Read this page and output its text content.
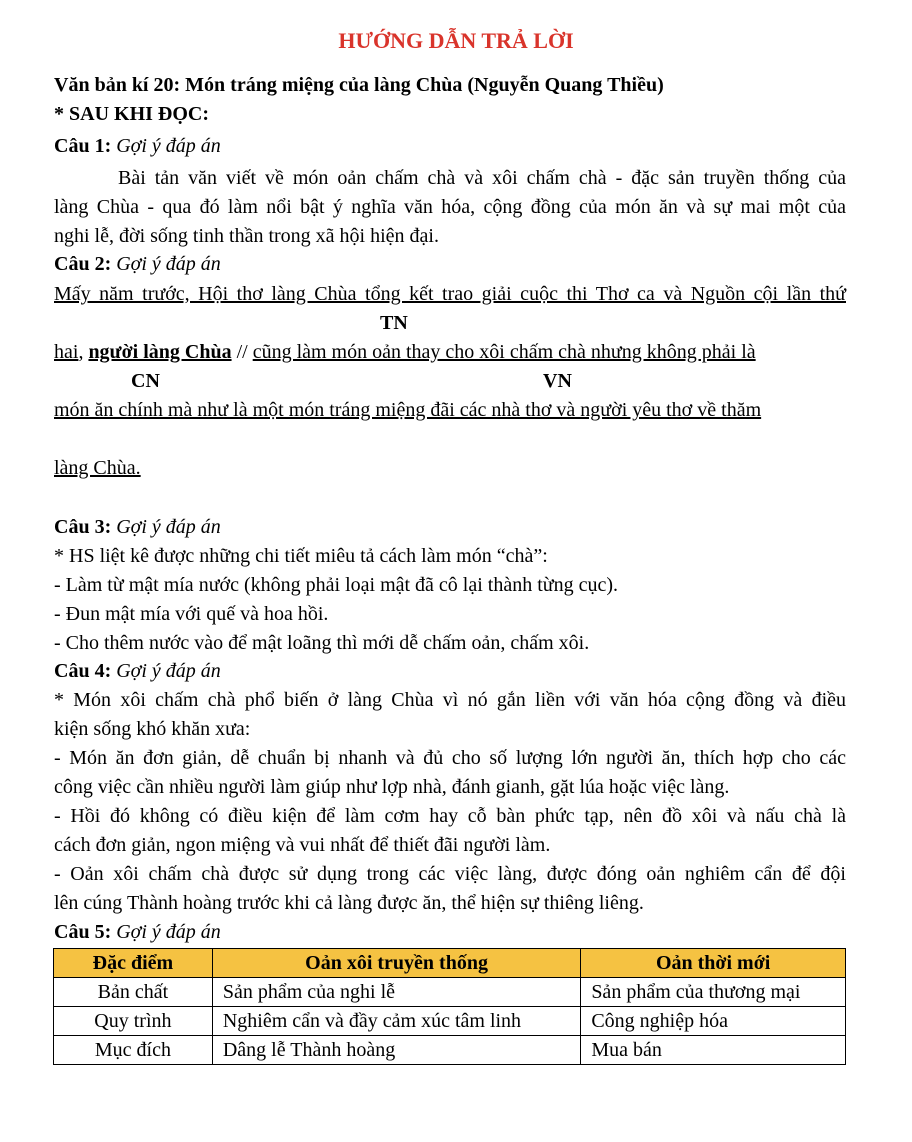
HƯỚNG DẪN TRẢ LỜI
Văn bản kí 20: Món tráng miệng của làng Chùa (Nguyễn Quang Thiều)
* SAU KHI ĐỌC:
Câu 1: Gợi ý đáp án
Bài tản văn viết về món oản chấm chà và xôi chấm chà - đặc sản truyền thống của
làng Chùa - qua đó làm nổi bật ý nghĩa văn hóa, cộng đồng của món ăn và sự mai một của
nghi lễ, đời sống tinh thần trong xã hội hiện đại.
Câu 2: Gợi ý đáp án
Mấy năm trước, Hội thơ làng Chùa tổng kết trao giải cuộc thi Thơ ca và Nguồn cội lần thứ
TN
hai, người làng Chùa // cũng làm món oản thay cho xôi chấm chà nhưng không phải là
CN	VN
món ăn chính mà như là một món tráng miệng đãi các nhà thơ và người yêu thơ về thăm
làng Chùa.
Câu 3: Gợi ý đáp án
* HS liệt kê được những chi tiết miêu tả cách làm món “chà”:
- Làm từ mật mía nước (không phải loại mật đã cô lại thành từng cục).
- Đun mật mía với quế và hoa hồi.
- Cho thêm nước vào để mật loãng thì mới dễ chấm oản, chấm xôi.
Câu 4: Gợi ý đáp án
* Món xôi chấm chà phổ biến ở làng Chùa vì nó gắn liền với văn hóa cộng đồng và điều
kiện sống khó khăn xưa:
- Món ăn đơn giản, dễ chuẩn bị nhanh và đủ cho số lượng lớn người ăn, thích hợp cho các
công việc cần nhiều người làm giúp như lợp nhà, đánh gianh, gặt lúa hoặc việc làng.
- Hồi đó không có điều kiện để làm cơm hay cỗ bàn phức tạp, nên đồ xôi và nấu chà là
cách đơn giản, ngon miệng và vui nhất để thiết đãi người làm.
- Oản xôi chấm chà được sử dụng trong các việc làng, được đóng oản nghiêm cẩn để đội
lên cúng Thành hoàng trước khi cả làng được ăn, thể hiện sự thiêng liêng.
Câu 5: Gợi ý đáp án
Đặc điểm	Oản xôi truyền thống	Oản thời mới
Bản chất	Sản phẩm của nghi lễ	Sản phẩm của thương mại
Quy trình	Nghiêm cẩn và đầy cảm xúc tâm linh	Công nghiệp hóa
Mục đích	Dâng lễ Thành hoàng	Mua bán
